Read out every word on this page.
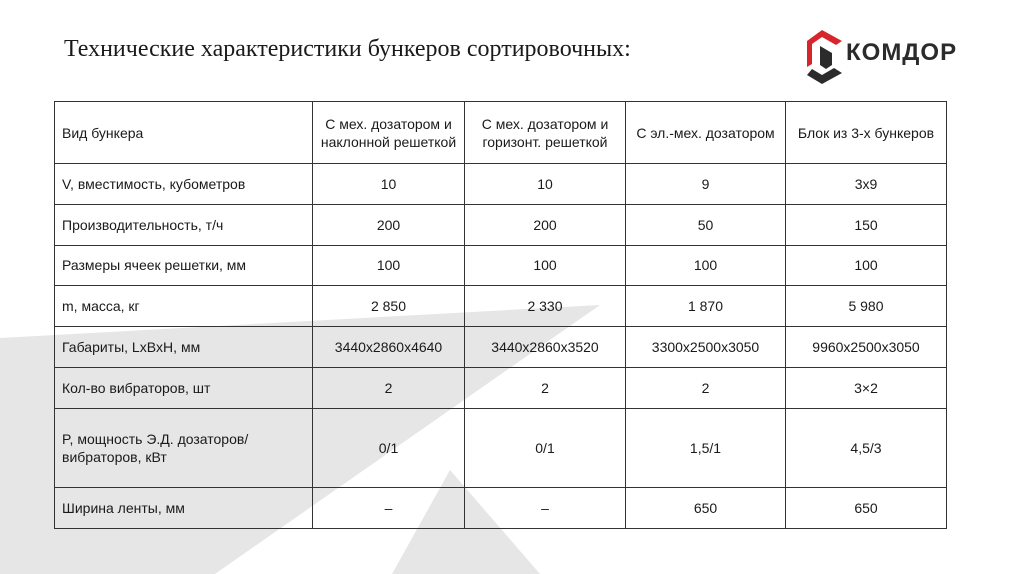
Технические характеристики бункеров сортировочных:	КОМДОР
Вид бункера	С мех. дозатором и наклонной решеткой	С мех. дозатором и горизонт. решеткой	С эл.-мех. дозатором	Блок из 3-х бункеров
V, вместимость, кубометров	10	10	9	3x9
Производительность, т/ч	200	200	50	150
Размеры ячеек решетки, мм	100	100	100	100
m, масса, кг	2 850	2 330	1 870	5 980
Габариты, LxBxH, мм	3440x2860x4640	3440x2860x3520	3300x2500x3050	9960x2500x3050
Кол-во вибраторов, шт	2	2	2	3×2
P, мощность Э.Д. дозаторов/вибраторов, кВт	0/1	0/1	1,5/1	4,5/3
Ширина ленты, мм	–	–	650	650
